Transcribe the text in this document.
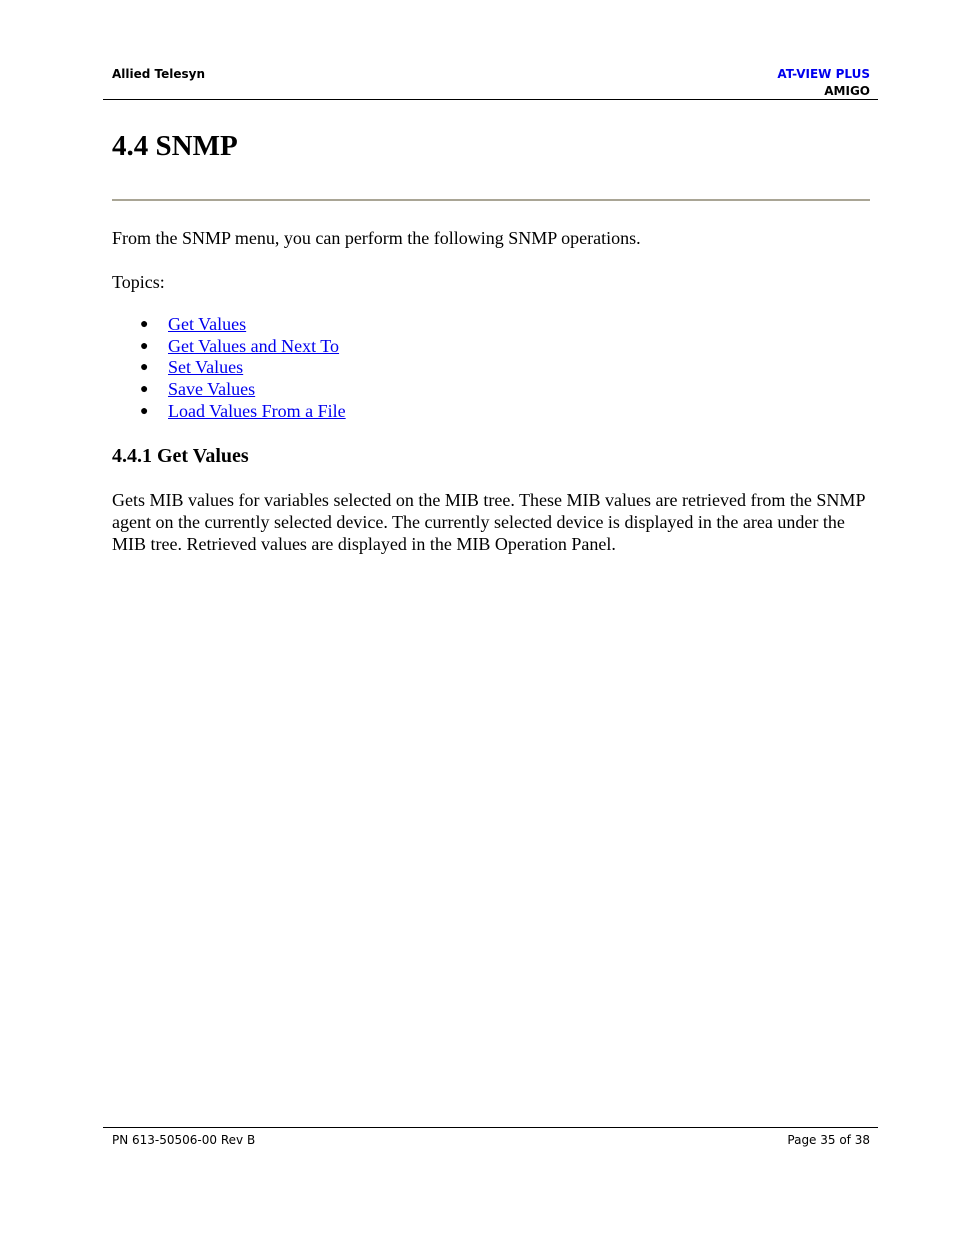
Allied Telesyn	AT-VIEW PLUS
AMIGO
4.4 SNMP

From the SNMP menu, you can perform the following SNMP operations.

Topics:

● Get Values
● Get Values and Next To
● Set Values
● Save Values
● Load Values From a File
4.4.1 Get Values

Gets MIB values for variables selected on the MIB tree. These MIB values are retrieved from the SNMP agent on the currently selected device. The currently selected device is displayed in the area under the MIB tree. Retrieved values are displayed in the MIB Operation Panel.

PN 613-50506-00 Rev B	Page 35 of 38
